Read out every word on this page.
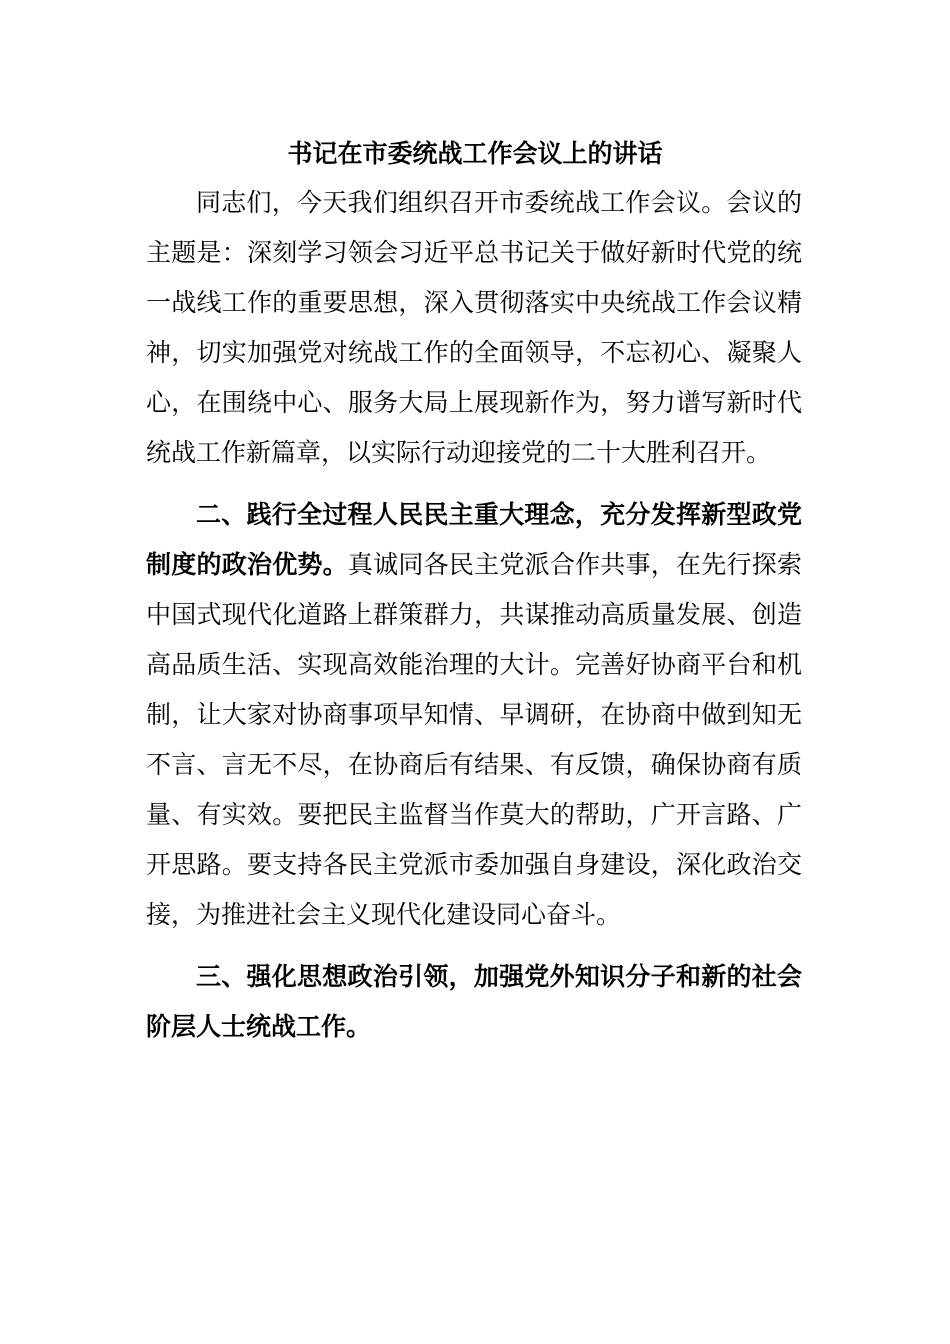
书记在市委统战工作会议上的讲话

同志们，今天我们组织召开市委统战工作会议。会议的主题是：深刻学习领会习近平总书记关于做好新时代党的统一战线工作的重要思想，深入贯彻落实中央统战工作会议精神，切实加强党对统战工作的全面领导，不忘初心、凝聚人心，在围绕中心、服务大局上展现新作为，努力谱写新时代统战工作新篇章，以实际行动迎接党的二十大胜利召开。

二、践行全过程人民民主重大理念，充分发挥新型政党制度的政治优势。真诚同各民主党派合作共事，在先行探索中国式现代化道路上群策群力，共谋推动高质量发展、创造高品质生活、实现高效能治理的大计。完善好协商平台和机制，让大家对协商事项早知情、早调研，在协商中做到知无不言、言无不尽，在协商后有结果、有反馈，确保协商有质量、有实效。要把民主监督当作莫大的帮助，广开言路、广开思路。要支持各民主党派市委加强自身建设，深化政治交接，为推进社会主义现代化建设同心奋斗。

三、强化思想政治引领，加强党外知识分子和新的社会阶层人士统战工作。
